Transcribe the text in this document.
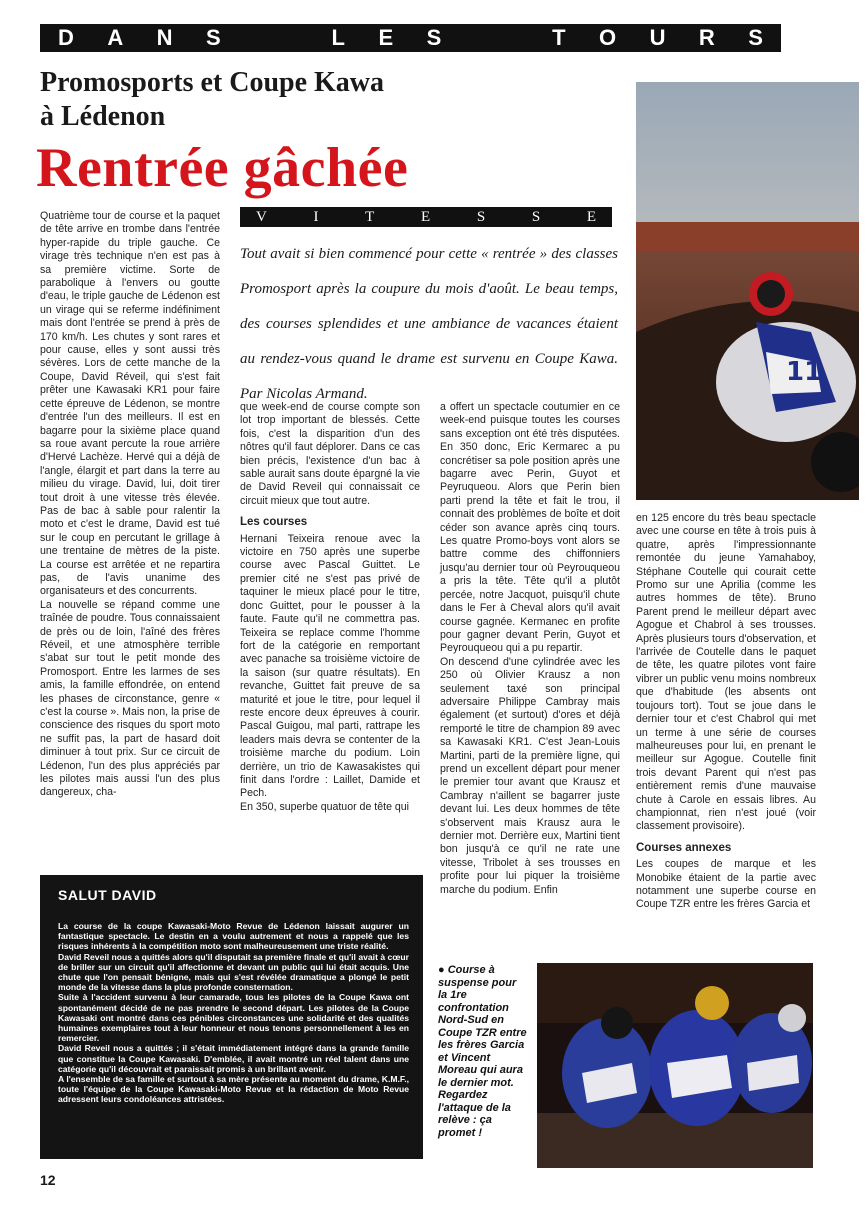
D A N S	L E S	T O U R S
Promosports et Coupe Kawa
à Lédenon
Rentrée gâchée
V	I	T	E	S	S	E
Tout avait si bien commencé pour cette « rentrée » des classes Promosport après la coupure du mois d'août. Le beau temps, des courses splendides et une ambiance de vacances étaient au rendez-vous quand le drame est survenu en Coupe Kawa. Par Nicolas Armand.

Quatrième tour de course et la paquet de tête arrive en trombe dans l'entrée hyper-rapide du triple gauche. Ce virage très technique n'en est pas à sa première victime. Sorte de parabolique à l'envers ou goutte d'eau, le triple gauche de Lédenon est un virage qui se referme indéfiniment mais dont l'entrée se prend à près de 170 km/h. Les chutes y sont rares et pour cause, elles y sont aussi très sévères. Lors de cette manche de la Coupe, David Réveil, qui s'est fait prêter une Kawasaki KR1 pour faire cette épreuve de Lédenon, se montre d'entrée l'un des meilleurs. Il est en bagarre pour la sixième place quand sa roue avant percute la roue arrière d'Hervé Lachèze. Hervé qui a déjà de l'angle, élargit et part dans la terre au milieu du virage. David, lui, doit tirer tout droit à une vitesse très élevée. Pas de bac à sable pour ralentir la moto et c'est le drame, David est tué sur le coup en percutant le grillage à une trentaine de mètres de la piste. La course est arrêtée et ne repartira pas, de l'avis unanime des organisateurs et des concurrents.

La nouvelle se répand comme une traînée de poudre. Tous connaissaient de près ou de loin, l'aîné des frères Réveil, et une atmosphère terrible s'abat sur tout le petit monde des Promosport. Entre les larmes de ses amis, la famille effondrée, on entend les phases de circonstance, genre « c'est la course ». Mais non, la prise de conscience des risques du sport moto ne suffit pas, la part de hasard doit diminuer à tout prix. Sur ce circuit de Lédenon, l'un des plus appréciés par les pilotes mais aussi l'un des plus dangereux, cha-

que week-end de course compte son lot trop important de blessés. Cette fois, c'est la disparition d'un des nôtres qu'il faut déplorer. Dans ce cas bien précis, l'existence d'un bac à sable aurait sans doute épargné la vie de David Reveil qui connaissait ce circuit mieux que tout autre.

Les courses

Hernani Teixeira renoue avec la victoire en 750 après une superbe course avec Pascal Guittet. Le premier cité ne s'est pas privé de taquiner le mieux placé pour le titre, donc Guittet, pour le pousser à la faute. Faute qu'il ne commettra pas. Teixeira se replace comme l'homme fort de la catégorie en remportant avec panache sa troisième victoire de la saison (sur quatre résultats). En revanche, Guittet fait preuve de sa maturité et joue le titre, pour lequel il reste encore deux épreuves à courir. Pascal Guigou, mal parti, rattrape les leaders mais devra se contenter de la troisième marche du podium. Loin derrière, un trio de Kawasakistes qui finit dans l'ordre : Laillet, Damide et Pech.

En 350, superbe quatuor de tête qui

a offert un spectacle coutumier en ce week-end puisque toutes les courses sans exception ont été très disputées. En 350 donc, Eric Kermarec a pu concrétiser sa pole position après une bagarre avec Perin, Guyot et Peyruqueou. Alors que Perin bien parti prend la tête et fait le trou, il connait des problèmes de boîte et doit céder son avance après cinq tours. Les quatre Promo-boys vont alors se battre comme des chiffonniers jusqu'au dernier tour où Peyrouqueou a pris la tête. Tête qu'il a plutôt percée, notre Jacquot, puisqu'il chute dans le Fer à Cheval alors qu'il avait course gagnée. Kermanec en profite pour gagner devant Perin, Guyot et Peyrouqueou qui a pu repartir.

On descend d'une cylindrée avec les 250 où Olivier Krausz a non seulement taxé son principal adversaire Philippe Cambray mais également (et surtout) d'ores et déjà remporté le titre de champion 89 avec sa Kawasaki KR1. C'est Jean-Louis Martini, parti de la première ligne, qui prend un excellent départ pour mener le premier tour avant que Krausz et Cambray n'aillent se bagarrer juste devant lui. Les deux hommes de tête s'observent mais Krausz aura le dernier mot. Derrière eux, Martini tient bon jusqu'à ce qu'il ne rate une vitesse, Tribolet à ses trousses en profite pour lui piquer la troisième marche du podium. Enfin

en 125 encore du très beau spectacle avec une course en tête à trois puis à quatre, après l'impressionnante remontée du jeune Yamahaboy, Stéphane Coutelle qui courait cette Promo sur une Aprilia (comme les autres hommes de tête). Bruno Parent prend le meilleur départ avec Agogue et Chabrol à ses trousses. Après plusieurs tours d'observation, et l'arrivée de Coutelle dans le paquet de tête, les quatre pilotes vont faire vibrer un public venu moins nombreux que d'habitude (les absents ont toujours tort). Tout se joue dans le dernier tour et c'est Chabrol qui met un terme à une série de courses malheureuses pour lui, en prenant le meilleur sur Agogue. Coutelle finit trois devant Parent qui n'est pas entièrement remis d'une mauvaise chute à Carole en essais libres. Au championnat, rien n'est joué (voir classement provisoire).

Courses annexes

Les coupes de marque et les Monobike étaient de la partie avec notamment une superbe course en Coupe TZR entre les frères Garcia et

11
SALUT DAVID

La course de la coupe Kawasaki-Moto Revue de Lédenon laissait augurer un fantastique spectacle. Le destin en a voulu autrement et nous a rappelé que les risques inhérents à la compétition moto sont malheureusement une triste réalité.

David Reveil nous a quittés alors qu'il disputait sa première finale et qu'il avait à cœur de briller sur un circuit qu'il affectionne et devant un public qui lui était acquis. Une chute que l'on pensait bénigne, mais qui s'est révélée dramatique a plongé le petit monde de la vitesse dans la plus profonde consternation.

Suite à l'accident survenu à leur camarade, tous les pilotes de la Coupe Kawa ont spontanément décidé de ne pas prendre le second départ. Les pilotes de la Coupe Kawasaki ont montré dans ces pénibles circonstances une solidarité et des qualités humaines exemplaires tout à leur honneur et nous tenons personnellement à les en remercier.

David Reveil nous a quittés ; il s'était immédiatement intégré dans la grande famille que constitue la Coupe Kawasaki. D'emblée, il avait montré un réel talent dans une catégorie qu'il découvrait et paraissait promis à un brillant avenir.

A l'ensemble de sa famille et surtout à sa mère présente au moment du drame, K.M.F., toute l'équipe de la Coupe Kawasaki-Moto Revue et la rédaction de Moto Revue adressent leurs condoléances attristées.

● Course à suspense pour la 1re confrontation Nord-Sud en Coupe TZR entre les frères Garcia et Vincent Moreau qui aura le dernier mot. Regardez l'attaque de la relève : ça promet !
12
